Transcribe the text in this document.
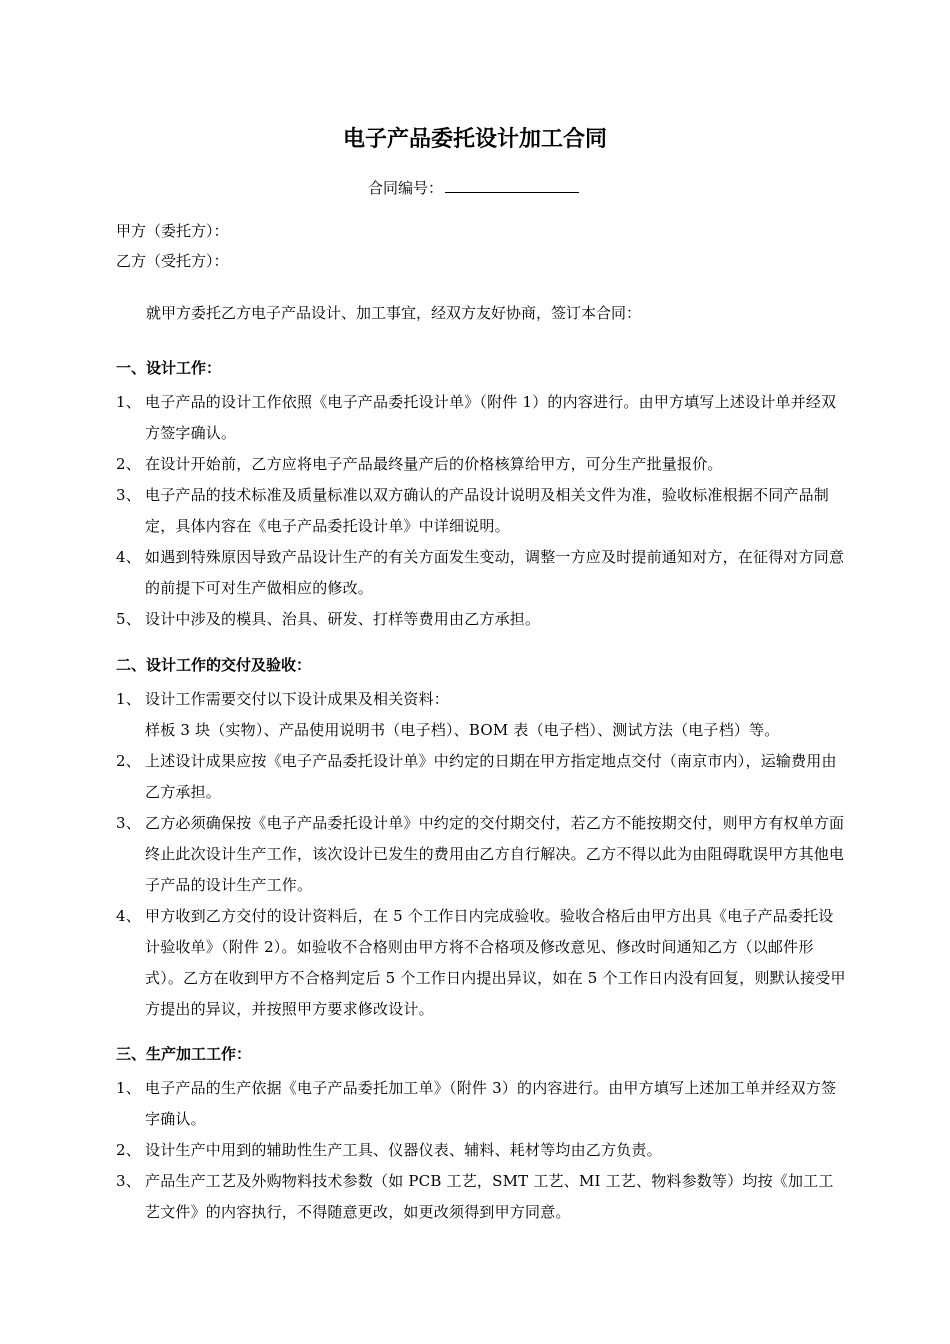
电子产品委托设计加工合同
合同编号：
甲方（委托方）：
乙方（受托方）：
就甲方委托乙方电子产品设计、加工事宜，经双方友好协商，签订本合同：
一、设计工作：
1、 电子产品的设计工作依照《电子产品委托设计单》（附件 1）的内容进行。由甲方填写上述设计单并经双方签字确认。
2、 在设计开始前，乙方应将电子产品最终量产后的价格核算给甲方，可分生产批量报价。
3、 电子产品的技术标准及质量标准以双方确认的产品设计说明及相关文件为准，验收标准根据不同产品制定，具体内容在《电子产品委托设计单》中详细说明。
4、 如遇到特殊原因导致产品设计生产的有关方面发生变动，调整一方应及时提前通知对方，在征得对方同意的前提下可对生产做相应的修改。
5、 设计中涉及的模具、治具、研发、打样等费用由乙方承担。
二、设计工作的交付及验收：
1、 设计工作需要交付以下设计成果及相关资料：
样板 3 块（实物）、产品使用说明书（电子档）、BOM 表（电子档）、测试方法（电子档）等。
2、 上述设计成果应按《电子产品委托设计单》中约定的日期在甲方指定地点交付（南京市内），运输费用由乙方承担。
3、 乙方必须确保按《电子产品委托设计单》中约定的交付期交付，若乙方不能按期交付，则甲方有权单方面终止此次设计生产工作，该次设计已发生的费用由乙方自行解决。乙方不得以此为由阻碍耽误甲方其他电子产品的设计生产工作。
4、 甲方收到乙方交付的设计资料后，在 5 个工作日内完成验收。验收合格后由甲方出具《电子产品委托设计验收单》（附件 2）。如验收不合格则由甲方将不合格项及修改意见、修改时间通知乙方（以邮件形式）。乙方在收到甲方不合格判定后 5 个工作日内提出异议，如在 5 个工作日内没有回复，则默认接受甲方提出的异议，并按照甲方要求修改设计。
三、生产加工工作：
1、 电子产品的生产依据《电子产品委托加工单》（附件 3）的内容进行。由甲方填写上述加工单并经双方签字确认。
2、 设计生产中用到的辅助性生产工具、仪器仪表、辅料、耗材等均由乙方负责。
3、 产品生产工艺及外购物料技术参数（如 PCB 工艺，SMT 工艺、MI 工艺、物料参数等）均按《加工工艺文件》的内容执行，不得随意更改，如更改须得到甲方同意。
